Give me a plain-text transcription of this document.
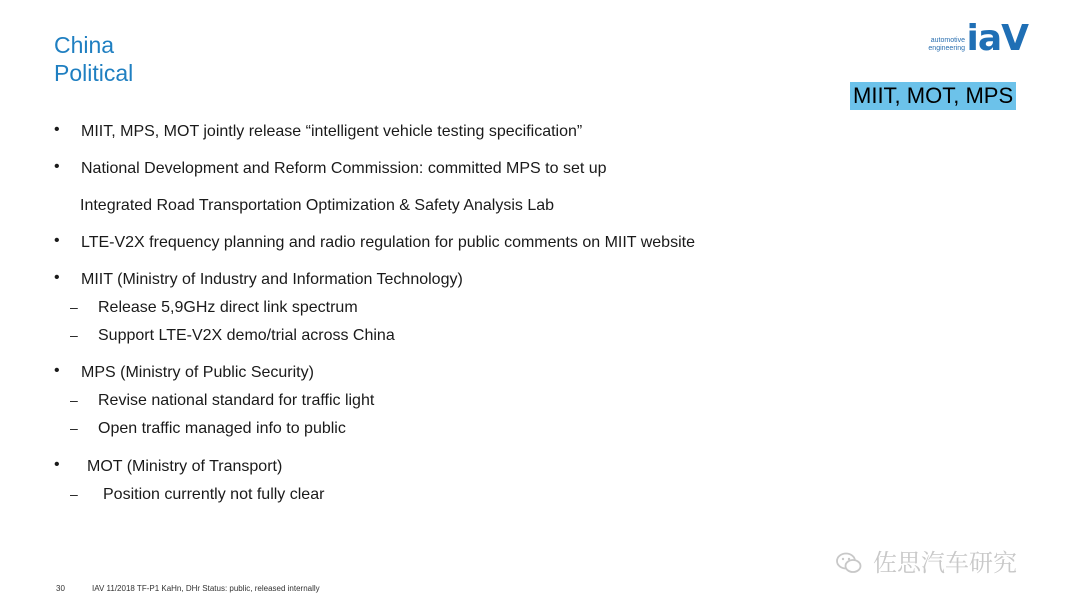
China
Political
automotive
engineering iaV
MIIT, MOT, MPS
• MIIT, MPS, MOT jointly release “intelligent vehicle testing specification”
• National Development and Reform Commission: committed MPS to set up
Integrated Road Transportation Optimization & Safety Analysis Lab
• LTE-V2X frequency planning and radio regulation for public comments on MIIT website
• MIIT (Ministry of Industry and Information Technology)
– Release 5,9GHz direct link spectrum
– Support LTE-V2X demo/trial across China
• MPS (Ministry of Public Security)
– Revise national standard for traffic light
– Open traffic managed info to public
• MOT (Ministry of Transport)
– Position currently not fully clear
30	IAV 11/2018 TF-P1 KaHn, DHr Status: public, released internally
佐思汽车研究
